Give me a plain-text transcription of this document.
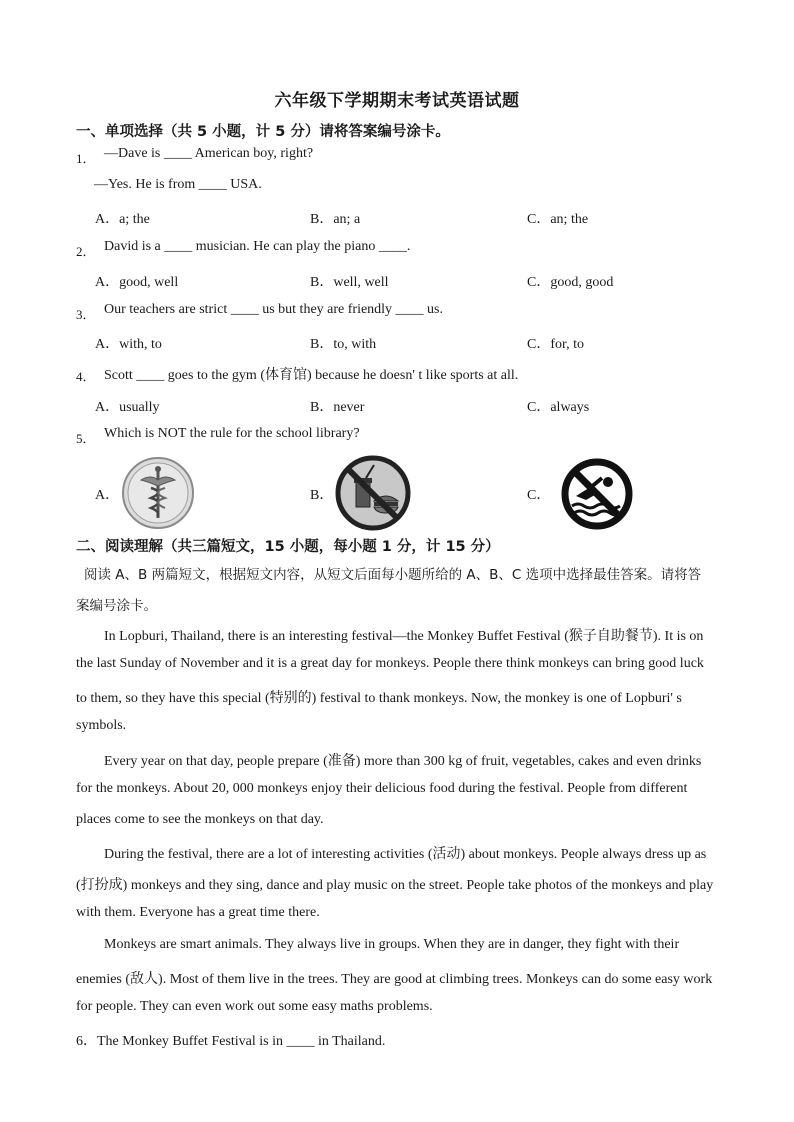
六年级下学期期末考试英语试题
一、单项选择（共 5 小题，计 5 分）请将答案编号涂卡。
1． —Dave is ____ American boy, right?
—Yes. He is from ____ USA.
A．a; the	B．an; a	C．an; the
2． David is a ____ musician. He can play the piano ____.
A．good, well	B．well, well	C．good, good
3． Our teachers are strict ____ us but they are friendly ____ us.
A．with, to	B．to, with	C．for, to
4． Scott ____ goes to the gym (体育馆) because he doesn' t like sports at all.
A．usually	B．never	C．always
5． Which is NOT the rule for the school library?
A．	B．	C．
二、阅读理解（共三篇短文，15 小题，每小题 1 分，计 15 分）
阅读 A、B 两篇短文，根据短文内容，从短文后面每小题所给的 A、B、C 选项中选择最佳答案。请将答
案编号涂卡。
In Lopburi, Thailand, there is an interesting festival—the Monkey Buffet Festival (猴子自助餐节). It is on
the last Sunday of November and it is a great day for monkeys. People there think monkeys can bring good luck
to them, so they have this special (特别的) festival to thank monkeys. Now, the monkey is one of Lopburi' s
symbols.
Every year on that day, people prepare (准备) more than 300 kg of fruit, vegetables, cakes and even drinks
for the monkeys. About 20, 000 monkeys enjoy their delicious food during the festival. People from different
places come to see the monkeys on that day.
During the festival, there are a lot of interesting activities (活动) about monkeys. People always dress up as
(打扮成) monkeys and they sing, dance and play music on the street. People take photos of the monkeys and play
with them. Everyone has a great time there.
Monkeys are smart animals. They always live in groups. When they are in danger, they fight with their
enemies (敌人). Most of them live in the trees. They are good at climbing trees. Monkeys can do some easy work
for people. They can even work out some easy maths problems.
6．The Monkey Buffet Festival is in ____ in Thailand.
